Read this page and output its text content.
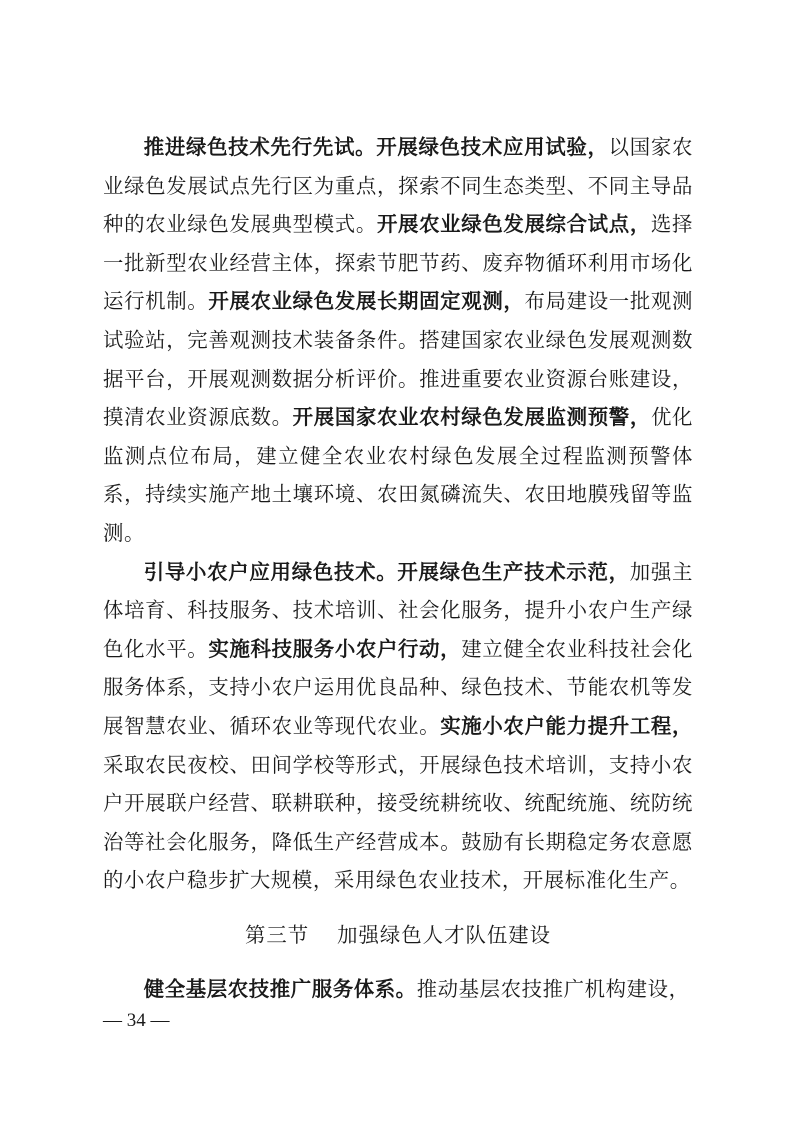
推进绿色技术先行先试。开展绿色技术应用试验，以国家农业绿色发展试点先行区为重点，探索不同生态类型、不同主导品种的农业绿色发展典型模式。开展农业绿色发展综合试点，选择一批新型农业经营主体，探索节肥节药、废弃物循环利用市场化运行机制。开展农业绿色发展长期固定观测，布局建设一批观测试验站，完善观测技术装备条件。搭建国家农业绿色发展观测数据平台，开展观测数据分析评价。推进重要农业资源台账建设，摸清农业资源底数。开展国家农业农村绿色发展监测预警，优化监测点位布局，建立健全农业农村绿色发展全过程监测预警体系，持续实施产地土壤环境、农田氮磷流失、农田地膜残留等监测。

引导小农户应用绿色技术。开展绿色生产技术示范，加强主体培育、科技服务、技术培训、社会化服务，提升小农户生产绿色化水平。实施科技服务小农户行动，建立健全农业科技社会化服务体系，支持小农户运用优良品种、绿色技术、节能农机等发展智慧农业、循环农业等现代农业。实施小农户能力提升工程，采取农民夜校、田间学校等形式，开展绿色技术培训，支持小农户开展联户经营、联耕联种，接受统耕统收、统配统施、统防统治等社会化服务，降低生产经营成本。鼓励有长期稳定务农意愿的小农户稳步扩大规模，采用绿色农业技术，开展标准化生产。

第三节 加强绿色人才队伍建设

健全基层农技推广服务体系。推动基层农技推广机构建设，

— 34 —
